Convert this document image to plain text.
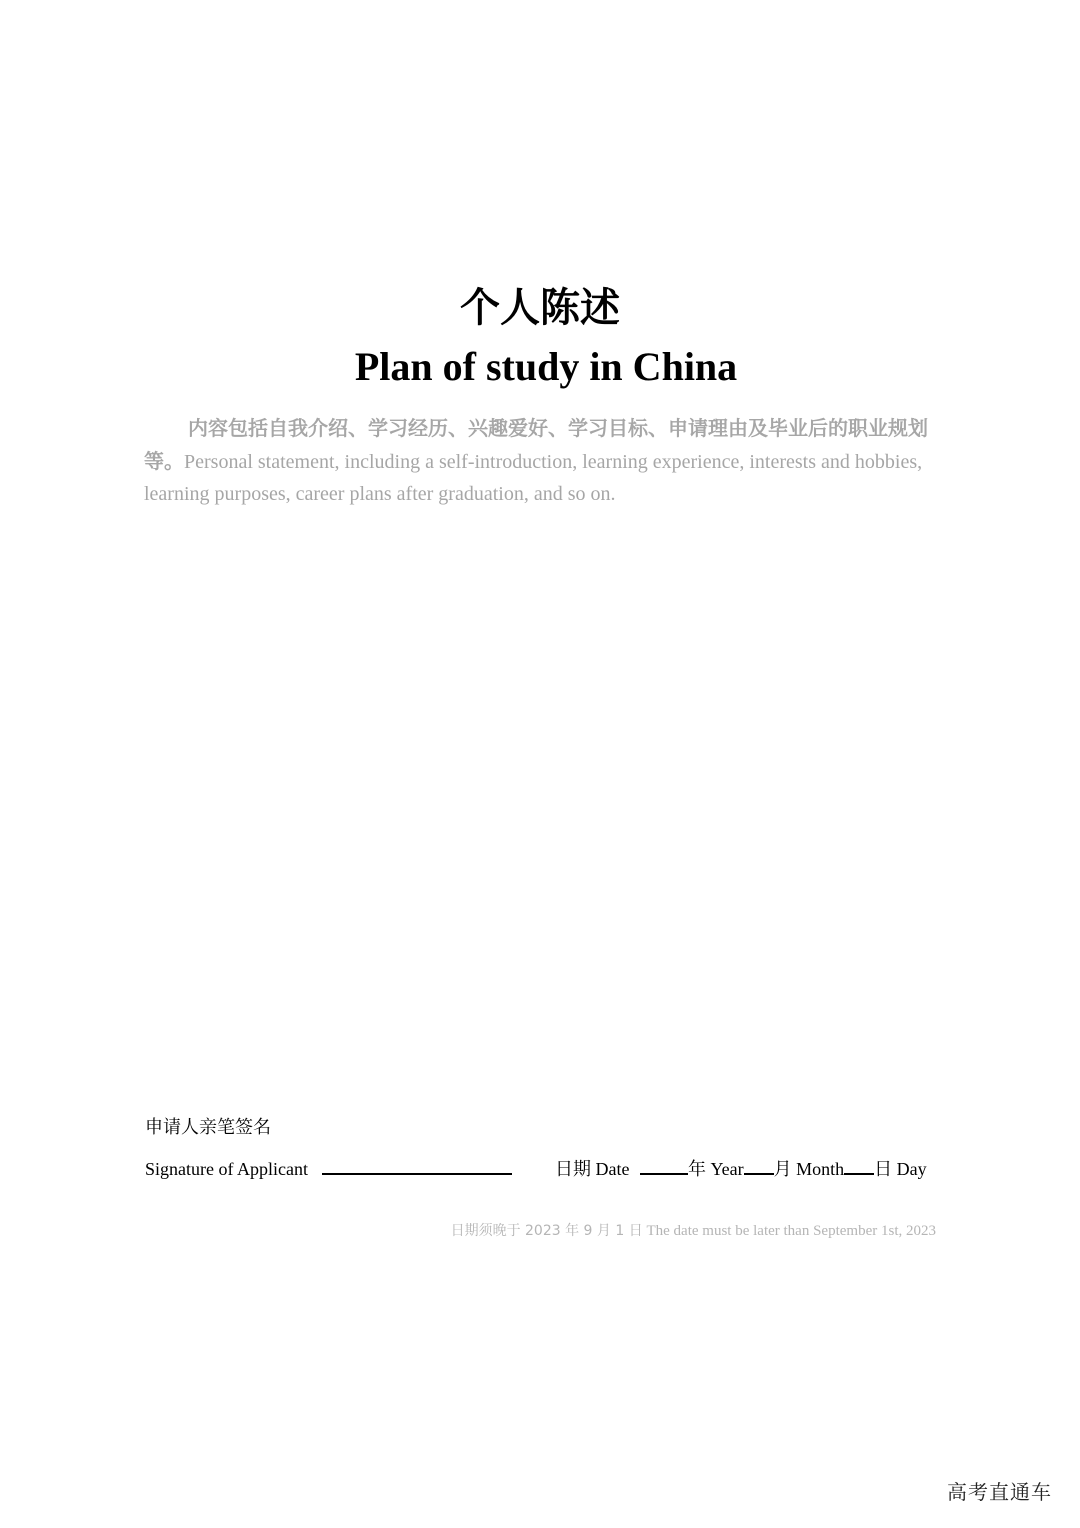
个人陈述
Plan of study in China
内容包括自我介绍、学习经历、兴趣爱好、学习目标、申请理由及毕业后的职业规划等。Personal statement, including a self-introduction, learning experience, interests and hobbies, learning purposes, career plans after graduation, and so on.
申请人亲笔签名
Signature of Applicant	日期 Date	年 Year 月 Month 日 Day
日期须晚于 2023 年 9 月 1 日 The date must be later than September 1st, 2023
高考直通车
